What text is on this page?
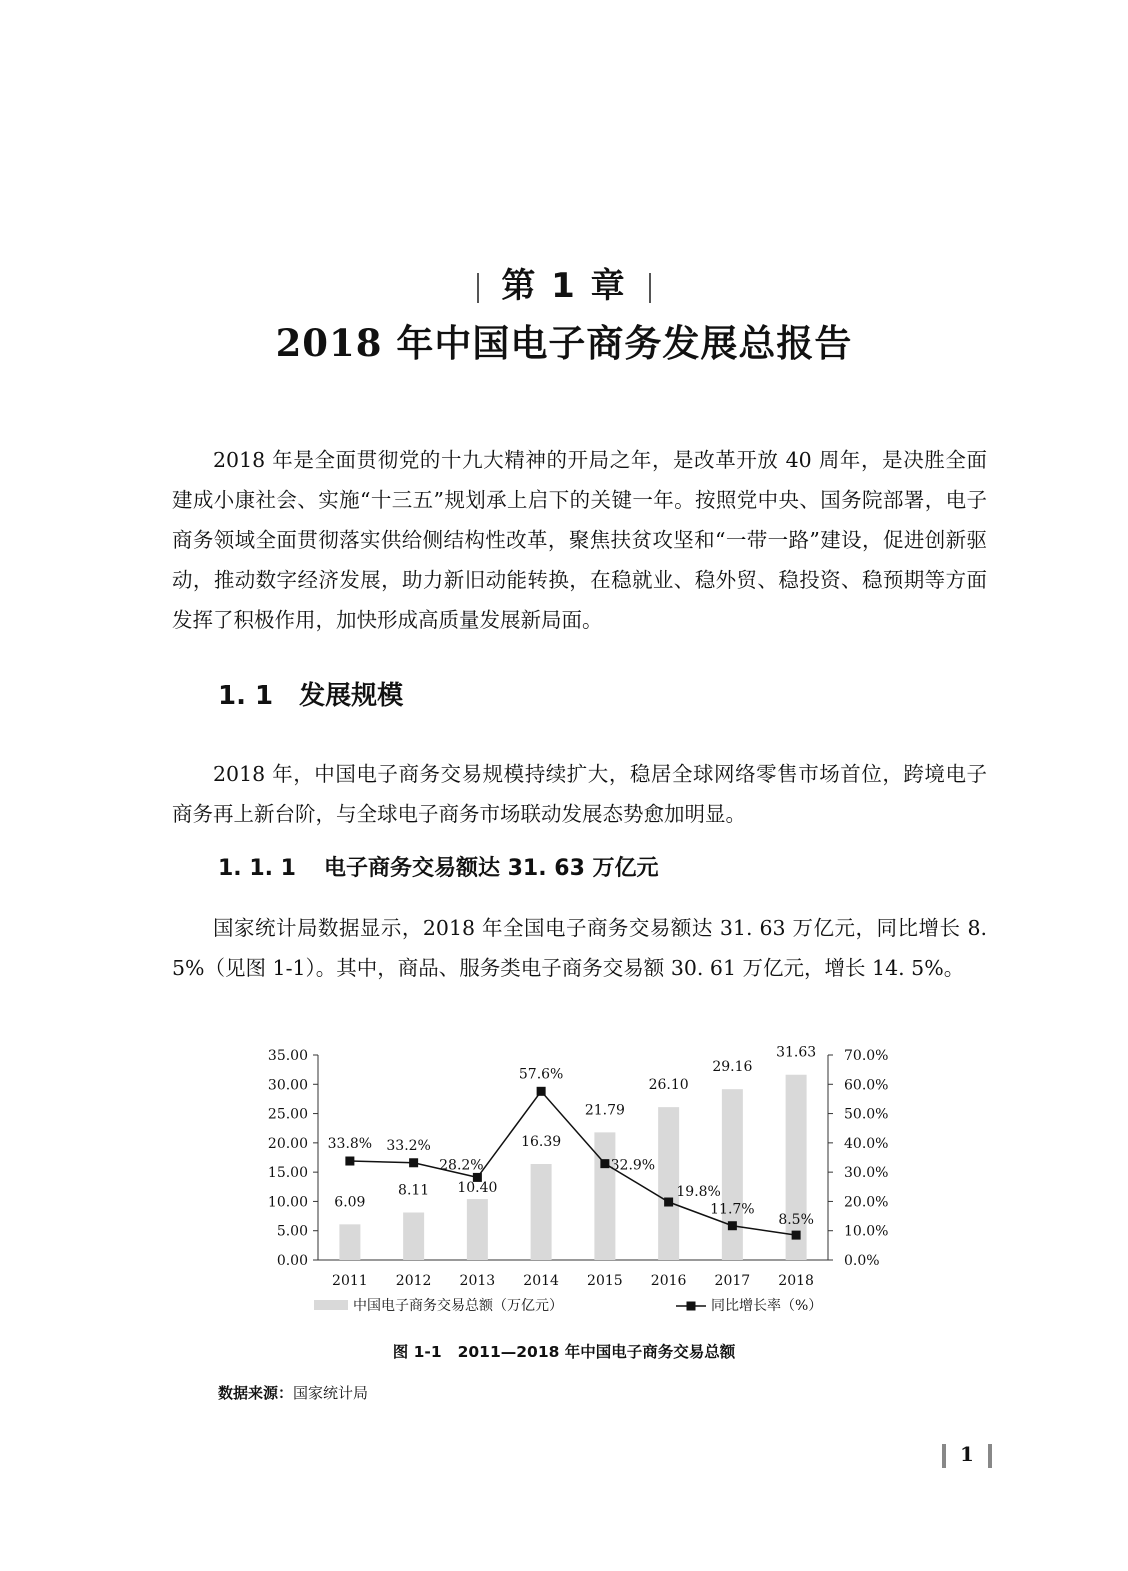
第 1 章
2018 年中国电子商务发展总报告

2018 年是全面贯彻党的十九大精神的开局之年，是改革开放 40 周年，是决胜全面建成小康社会、实施“十三五”规划承上启下的关键一年。按照党中央、国务院部署，电子商务领域全面贯彻落实供给侧结构性改革，聚焦扶贫攻坚和“一带一路”建设，促进创新驱动，推动数字经济发展，助力新旧动能转换，在稳就业、稳外贸、稳投资、稳预期等方面发挥了积极作用，加快形成高质量发展新局面。

1. 1 发展规模

2018 年，中国电子商务交易规模持续扩大，稳居全球网络零售市场首位，跨境电子商务再上新台阶，与全球电子商务市场联动发展态势愈加明显。

1. 1. 1 电子商务交易额达 31. 63 万亿元

国家统计局数据显示，2018 年全国电子商务交易额达 31. 63 万亿元，同比增长 8. 5%（见图 1-1）。其中，商品、服务类电子商务交易额 30. 61 万亿元，增长 14. 5%。

0.00
5.00
10.00
15.00
20.00
25.00
30.00
35.00
0.0%
10.0%
20.0%
30.0%
40.0%
50.0%
60.0%
70.0%
6.09
8.11 10.40
16.39
21.79
26.10
29.16
31.63
33.8% 33.2%
28.2%
57.6%
32.9%
19.8%
11.7%
8.5%
2011 2012 2013 2014 2015 2016 2017 2018
中国电子商务交易总额（万亿元）	同比增长率（%）
图 1-1 2011—2018 年中国电子商务交易总额
数据来源：国家统计局
1
